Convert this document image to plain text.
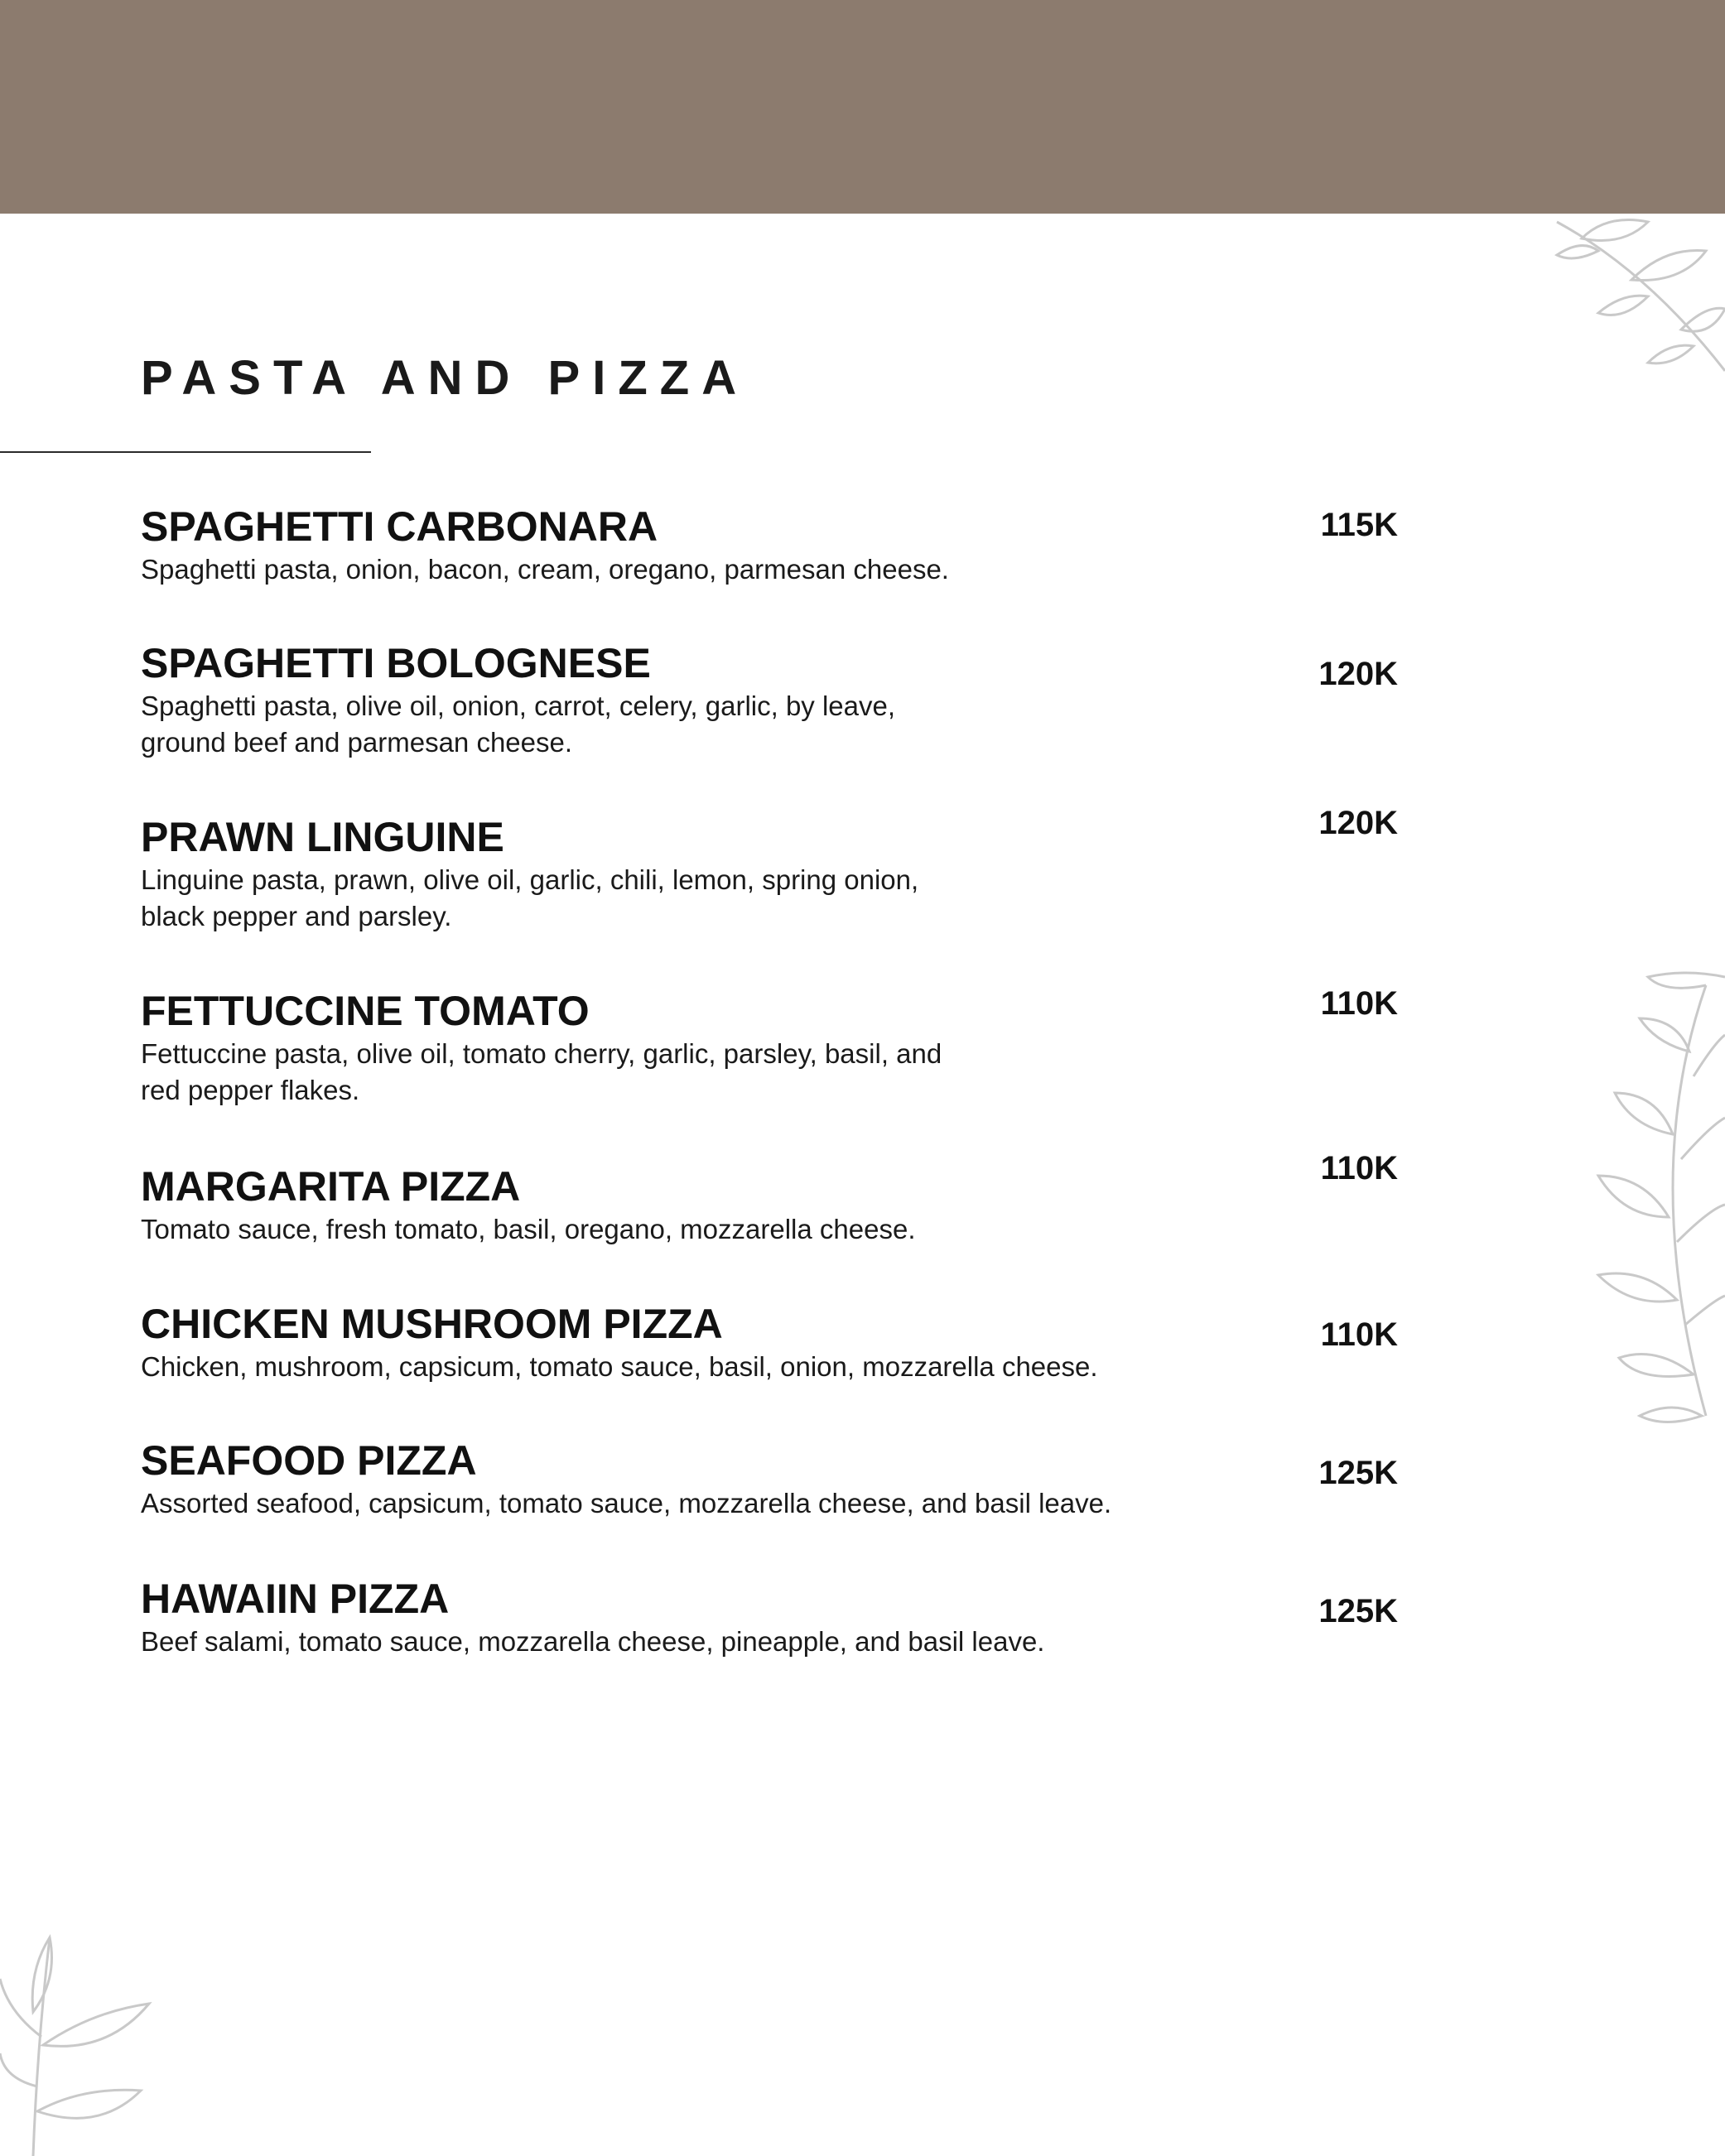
PASTA AND PIZZA
SPAGHETTI CARBONARA
Spaghetti pasta, onion, bacon, cream, oregano, parmesan cheese.
115K
SPAGHETTI BOLOGNESE
Spaghetti pasta, olive oil, onion, carrot, celery, garlic, by leave, ground beef and parmesan cheese.
120K
PRAWN LINGUINE
Linguine pasta, prawn, olive oil, garlic, chili, lemon, spring onion, black pepper and parsley.
120K
FETTUCCINE TOMATO
Fettuccine pasta, olive oil, tomato cherry, garlic, parsley, basil, and red pepper flakes.
110K
MARGARITA PIZZA
Tomato sauce, fresh tomato, basil, oregano, mozzarella cheese.
110K
CHICKEN MUSHROOM PIZZA
Chicken, mushroom, capsicum, tomato sauce, basil, onion, mozzarella cheese.
110K
SEAFOOD PIZZA
Assorted seafood, capsicum, tomato sauce, mozzarella cheese, and basil leave.
125K
HAWAIIN PIZZA
Beef salami, tomato sauce, mozzarella cheese, pineapple, and basil leave.
125K
